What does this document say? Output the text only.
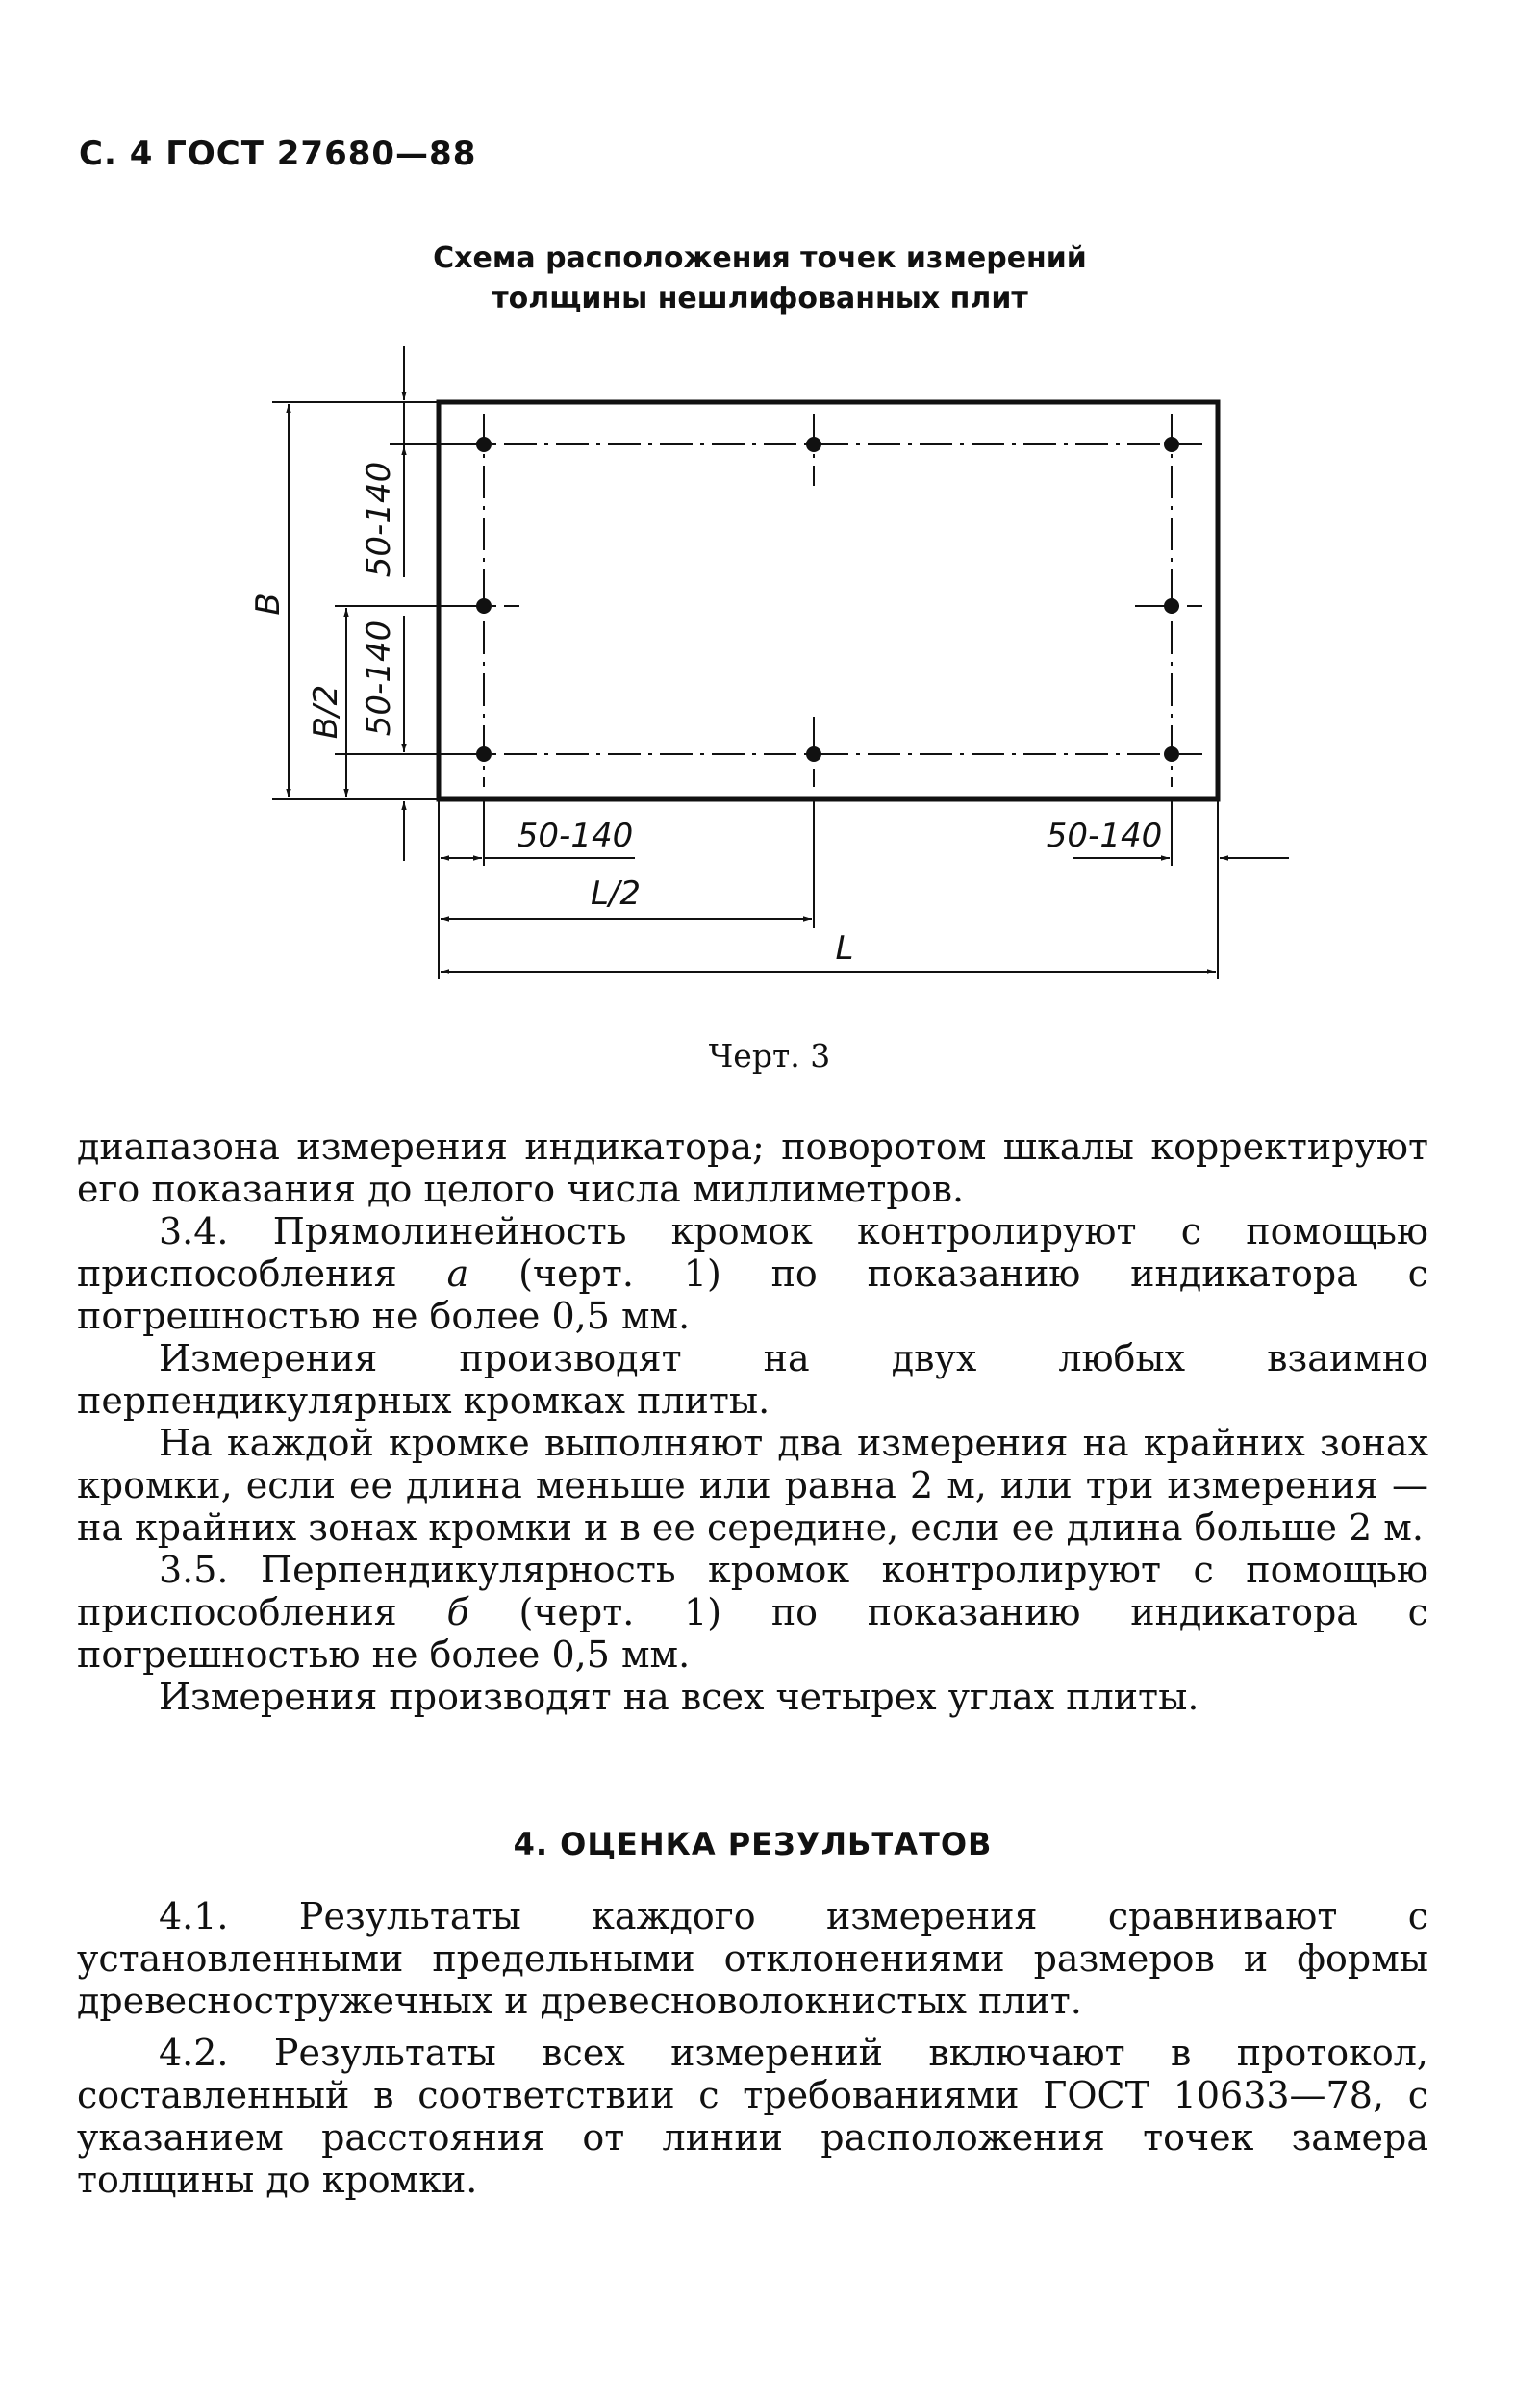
С. 4 ГОСТ 27680—88
Схема расположения точек измерений
толщины нешлифованных плит
B
B/2
50-140
50-140
50-140	50-140
L/2
L
Черт. 3

диапазона измерения индикатора; поворотом шкалы корректируют его показания до целого числа миллиметров.

3.4. Прямолинейность кромок контролируют с помощью приспособления а (черт. 1) по показанию индикатора с погрешностью не более 0,5 мм.

Измерения производят на двух любых взаимно перпендикулярных кромках плиты.

На каждой кромке выполняют два измерения на крайних зонах кромки, если ее длина меньше или равна 2 м, или три измерения — на крайних зонах кромки и в ее середине, если ее длина больше 2 м.

3.5. Перпендикулярность кромок контролируют с помощью приспособления б (черт. 1) по показанию индикатора с погрешностью не более 0,5 мм.

Измерения производят на всех четырех углах плиты.

4. ОЦЕНКА РЕЗУЛЬТАТОВ

4.1. Результаты каждого измерения сравнивают с установленными предельными отклонениями размеров и формы древесностружечных и древесноволокнистых плит.

4.2. Результаты всех измерений включают в протокол, составленный в соответствии с требованиями ГОСТ 10633—78, с указанием расстояния от линии расположения точек замера толщины до кромки.
